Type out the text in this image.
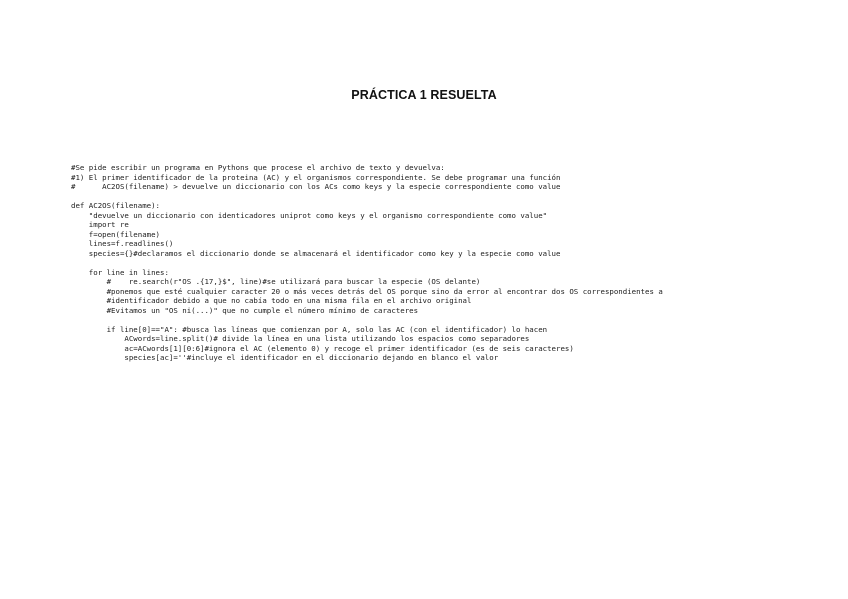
PRÁCTICA 1 RESUELTA
#Se pide escribir un programa en Pythons que procese el archivo de texto y devuelva:
#1) El primer identificador de la proteina (AC) y el organismos correspondiente. Se debe programar una función
#      AC2OS(filename) > devuelve un diccionario con los ACs como keys y la especie correspondiente como value
def AC2OS(filename):
"devuelve un diccionario con identicadores uniprot como keys y el organismo correspondiente como value"
import re
f=open(filename)
lines=f.readlines()
species={}#declaramos el diccionario donde se almacenará el identificador como key y la especie como value
for line in lines:
#    re.search(r"OS .{17,}$", line)#se utilizará para buscar la especie (OS delante)
#ponemos que esté cualquier caracter 20 o más veces detrás del OS porque sino da error al encontrar dos OS correspondientes a
#identificador debido a que no cabía todo en una misma fila en el archivo original
#Evitamos un "OS ni(...)" que no cumple el número mínimo de caracteres
if line[0]=="A": #busca las líneas que comienzan por A, solo las AC (con el identificador) lo hacen
ACwords=line.split()# divide la línea en una lista utilizando los espacios como separadores
ac=ACwords[1][0:6]#ignora el AC (elemento 0) y recoge el primer identificador (es de seis caracteres)
species[ac]=''#incluye el identificador en el diccionario dejando en blanco el valor
